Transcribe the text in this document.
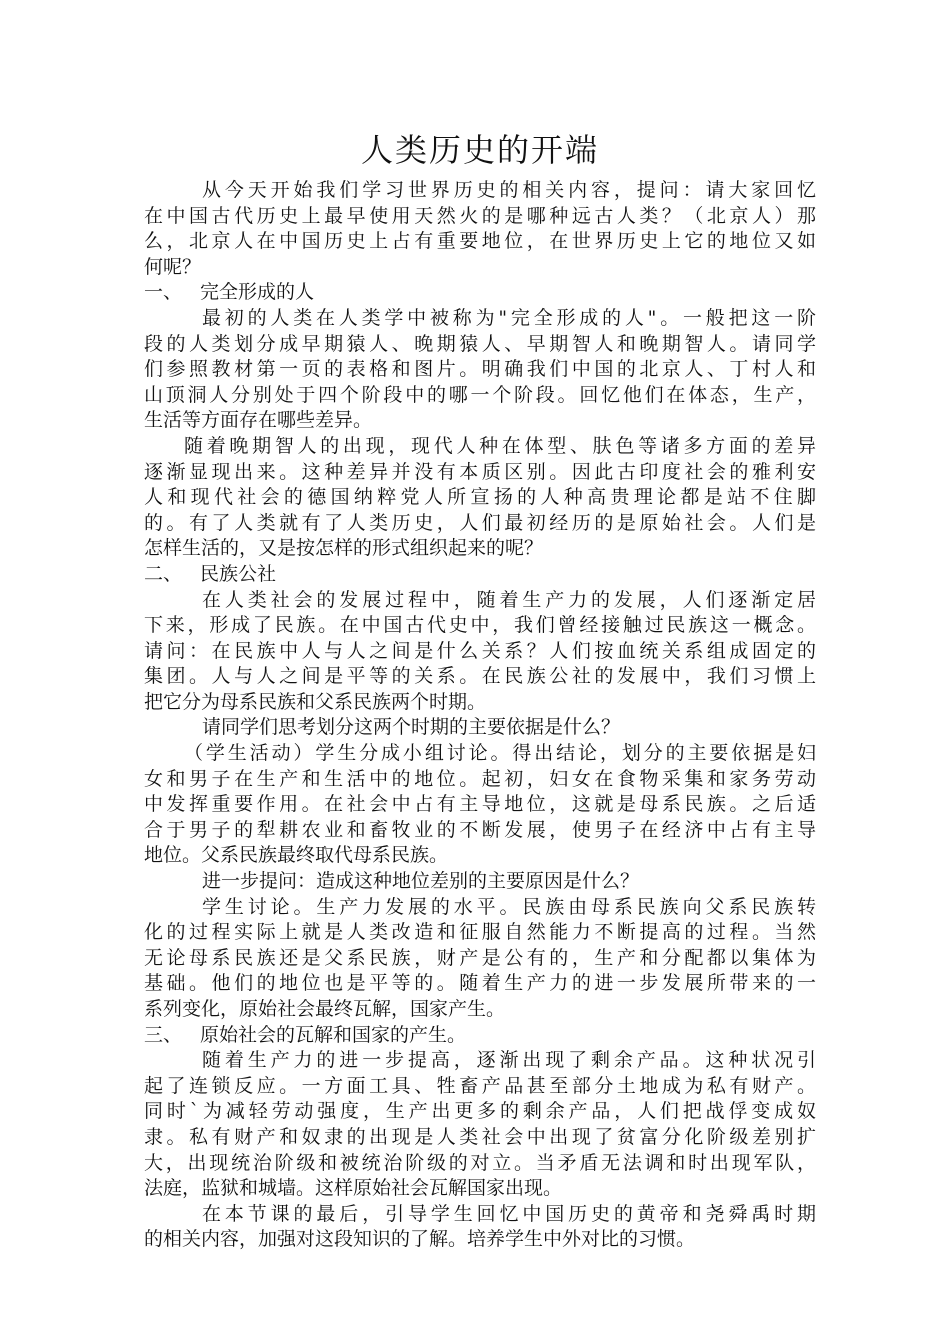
人类历史的开端
从今天开始我们学习世界历史的相关内容，提问：请大家回忆
在中国古代历史上最早使用天然火的是哪种远古人类？（北京人）那
么，北京人在中国历史上占有重要地位，在世界历史上它的地位又如
何呢？
一、 完全形成的人
最初的人类在人类学中被称为"完全形成的人"。一般把这一阶
段的人类划分成早期猿人、晚期猿人、早期智人和晚期智人。请同学
们参照教材第一页的表格和图片。明确我们中国的北京人、丁村人和
山顶洞人分别处于四个阶段中的哪一个阶段。回忆他们在体态，生产，
生活等方面存在哪些差异。
随着晚期智人的出现，现代人种在体型、肤色等诸多方面的差异
逐渐显现出来。这种差异并没有本质区别。因此古印度社会的雅利安
人和现代社会的德国纳粹党人所宣扬的人种高贵理论都是站不住脚
的。有了人类就有了人类历史，人们最初经历的是原始社会。人们是
怎样生活的，又是按怎样的形式组织起来的呢？
二、 民族公社
在人类社会的发展过程中，随着生产力的发展，人们逐渐定居
下来，形成了民族。在中国古代史中，我们曾经接触过民族这一概念。
请问：在民族中人与人之间是什么关系？人们按血统关系组成固定的
集团。人与人之间是平等的关系。在民族公社的发展中，我们习惯上
把它分为母系民族和父系民族两个时期。
请同学们思考划分这两个时期的主要依据是什么？
（学生活动）学生分成小组讨论。得出结论，划分的主要依据是妇
女和男子在生产和生活中的地位。起初，妇女在食物采集和家务劳动
中发挥重要作用。在社会中占有主导地位，这就是母系民族。之后适
合于男子的犁耕农业和畜牧业的不断发展，使男子在经济中占有主导
地位。父系民族最终取代母系民族。
进一步提问：造成这种地位差别的主要原因是什么？
学生讨论。生产力发展的水平。民族由母系民族向父系民族转
化的过程实际上就是人类改造和征服自然能力不断提高的过程。当然
无论母系民族还是父系民族，财产是公有的，生产和分配都以集体为
基础。他们的地位也是平等的。随着生产力的进一步发展所带来的一
系列变化，原始社会最终瓦解，国家产生。
三、 原始社会的瓦解和国家的产生。
随着生产力的进一步提高，逐渐出现了剩余产品。这种状况引
起了连锁反应。一方面工具、牲畜产品甚至部分土地成为私有财产。
同时`为减轻劳动强度，生产出更多的剩余产品，人们把战俘变成奴
隶。私有财产和奴隶的出现是人类社会中出现了贫富分化阶级差别扩
大，出现统治阶级和被统治阶级的对立。当矛盾无法调和时出现军队，
法庭，监狱和城墙。这样原始社会瓦解国家出现。
在本节课的最后，引导学生回忆中国历史的黄帝和尧舜禹时期
的相关内容，加强对这段知识的了解。培养学生中外对比的习惯。
